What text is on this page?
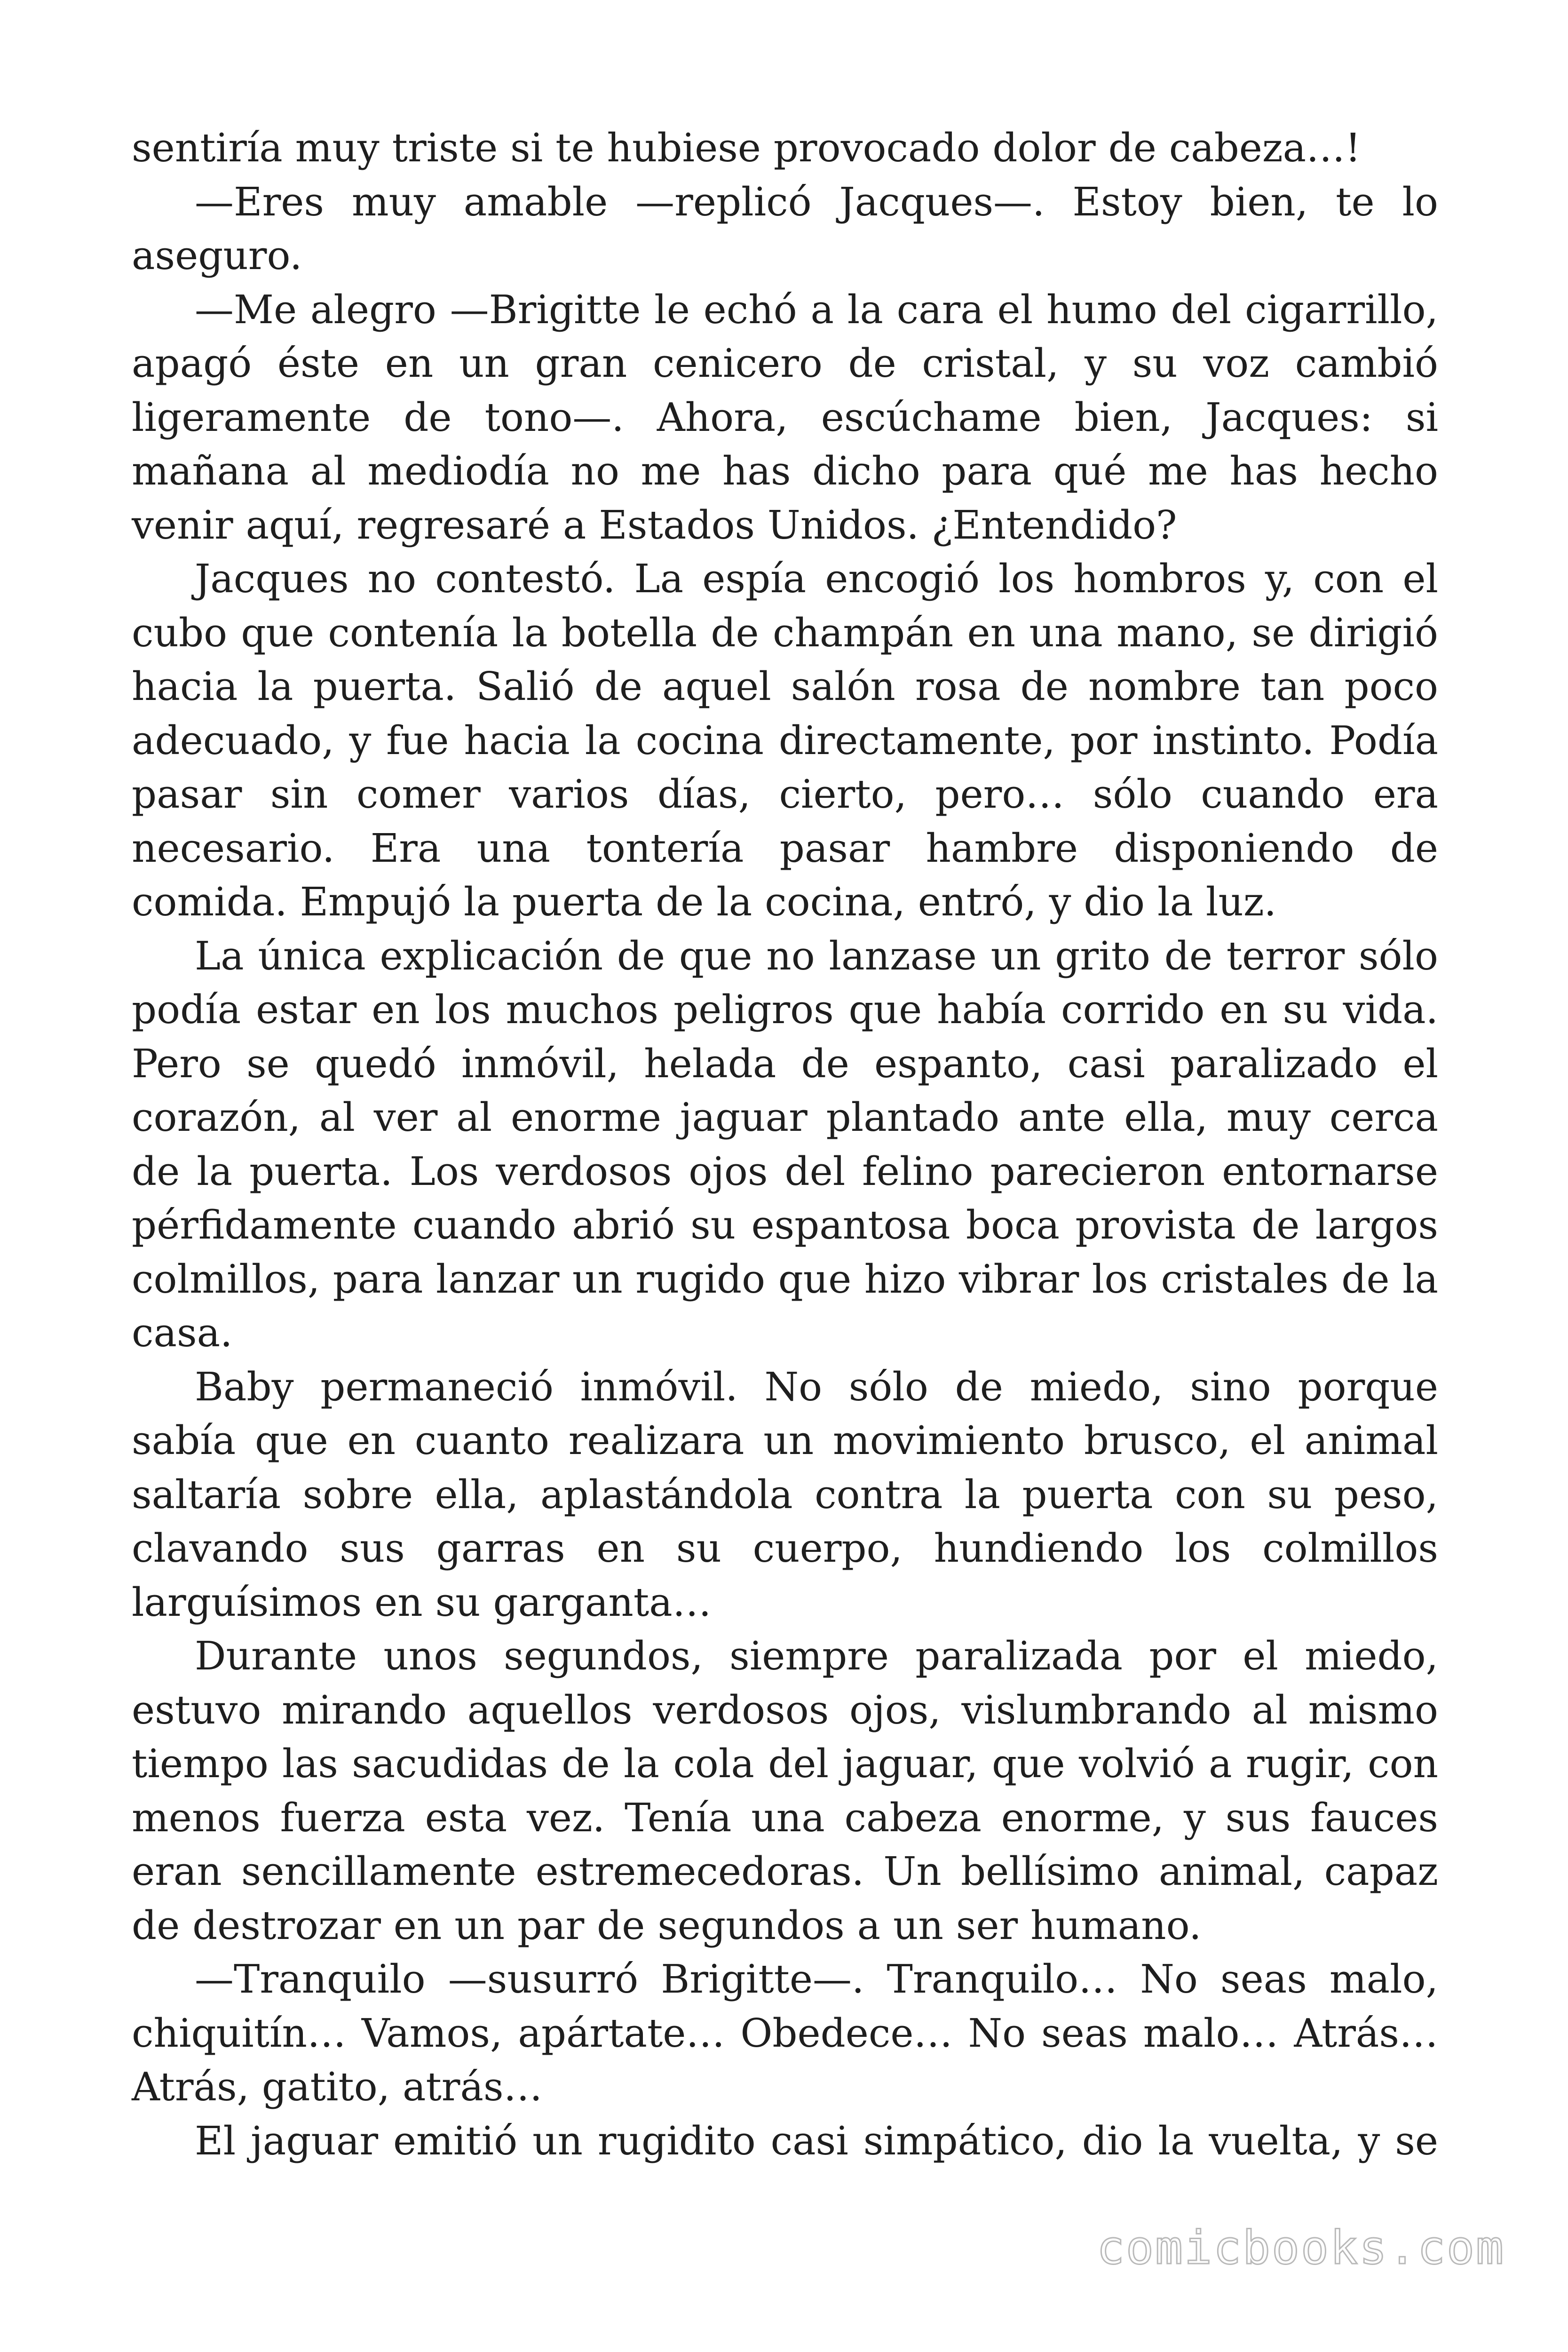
sentiría muy triste si te hubiese provocado dolor de cabeza…!

—Eres muy amable —replicó Jacques—. Estoy bien, te lo aseguro.

—Me alegro —Brigitte le echó a la cara el humo del cigarrillo, apagó éste en un gran cenicero de cristal, y su voz cambió ligeramente de tono—. Ahora, escúchame bien, Jacques: si mañana al mediodía no me has dicho para qué me has hecho venir aquí, regresaré a Estados Unidos. ¿Entendido?

Jacques no contestó. La espía encogió los hombros y, con el cubo que contenía la botella de champán en una mano, se dirigió hacia la puerta. Salió de aquel salón rosa de nombre tan poco adecuado, y fue hacia la cocina directamente, por instinto. Podía pasar sin comer varios días, cierto, pero… sólo cuando era necesario. Era una tontería pasar hambre disponiendo de comida. Empujó la puerta de la cocina, entró, y dio la luz.

La única explicación de que no lanzase un grito de terror sólo podía estar en los muchos peligros que había corrido en su vida. Pero se quedó inmóvil, helada de espanto, casi paralizado el corazón, al ver al enorme jaguar plantado ante ella, muy cerca de la puerta. Los verdosos ojos del felino parecieron entornarse pérfidamente cuando abrió su espantosa boca provista de largos colmillos, para lanzar un rugido que hizo vibrar los cristales de la casa.

Baby permaneció inmóvil. No sólo de miedo, sino porque sabía que en cuanto realizara un movimiento brusco, el animal saltaría sobre ella, aplastándola contra la puerta con su peso, clavando sus garras en su cuerpo, hundiendo los colmillos larguísimos en su garganta…

Durante unos segundos, siempre paralizada por el miedo, estuvo mirando aquellos verdosos ojos, vislumbrando al mismo tiempo las sacudidas de la cola del jaguar, que volvió a rugir, con menos fuerza esta vez. Tenía una cabeza enorme, y sus fauces eran sencillamente estremecedoras. Un bellísimo animal, capaz de destrozar en un par de segundos a un ser humano.

—Tranquilo —susurró Brigitte—. Tranquilo… No seas malo, chiquitín… Vamos, apártate… Obedece… No seas malo… Atrás… Atrás, gatito, atrás…

El jaguar emitió un rugidito casi simpático, dio la vuelta, y se

comicbooks.com
